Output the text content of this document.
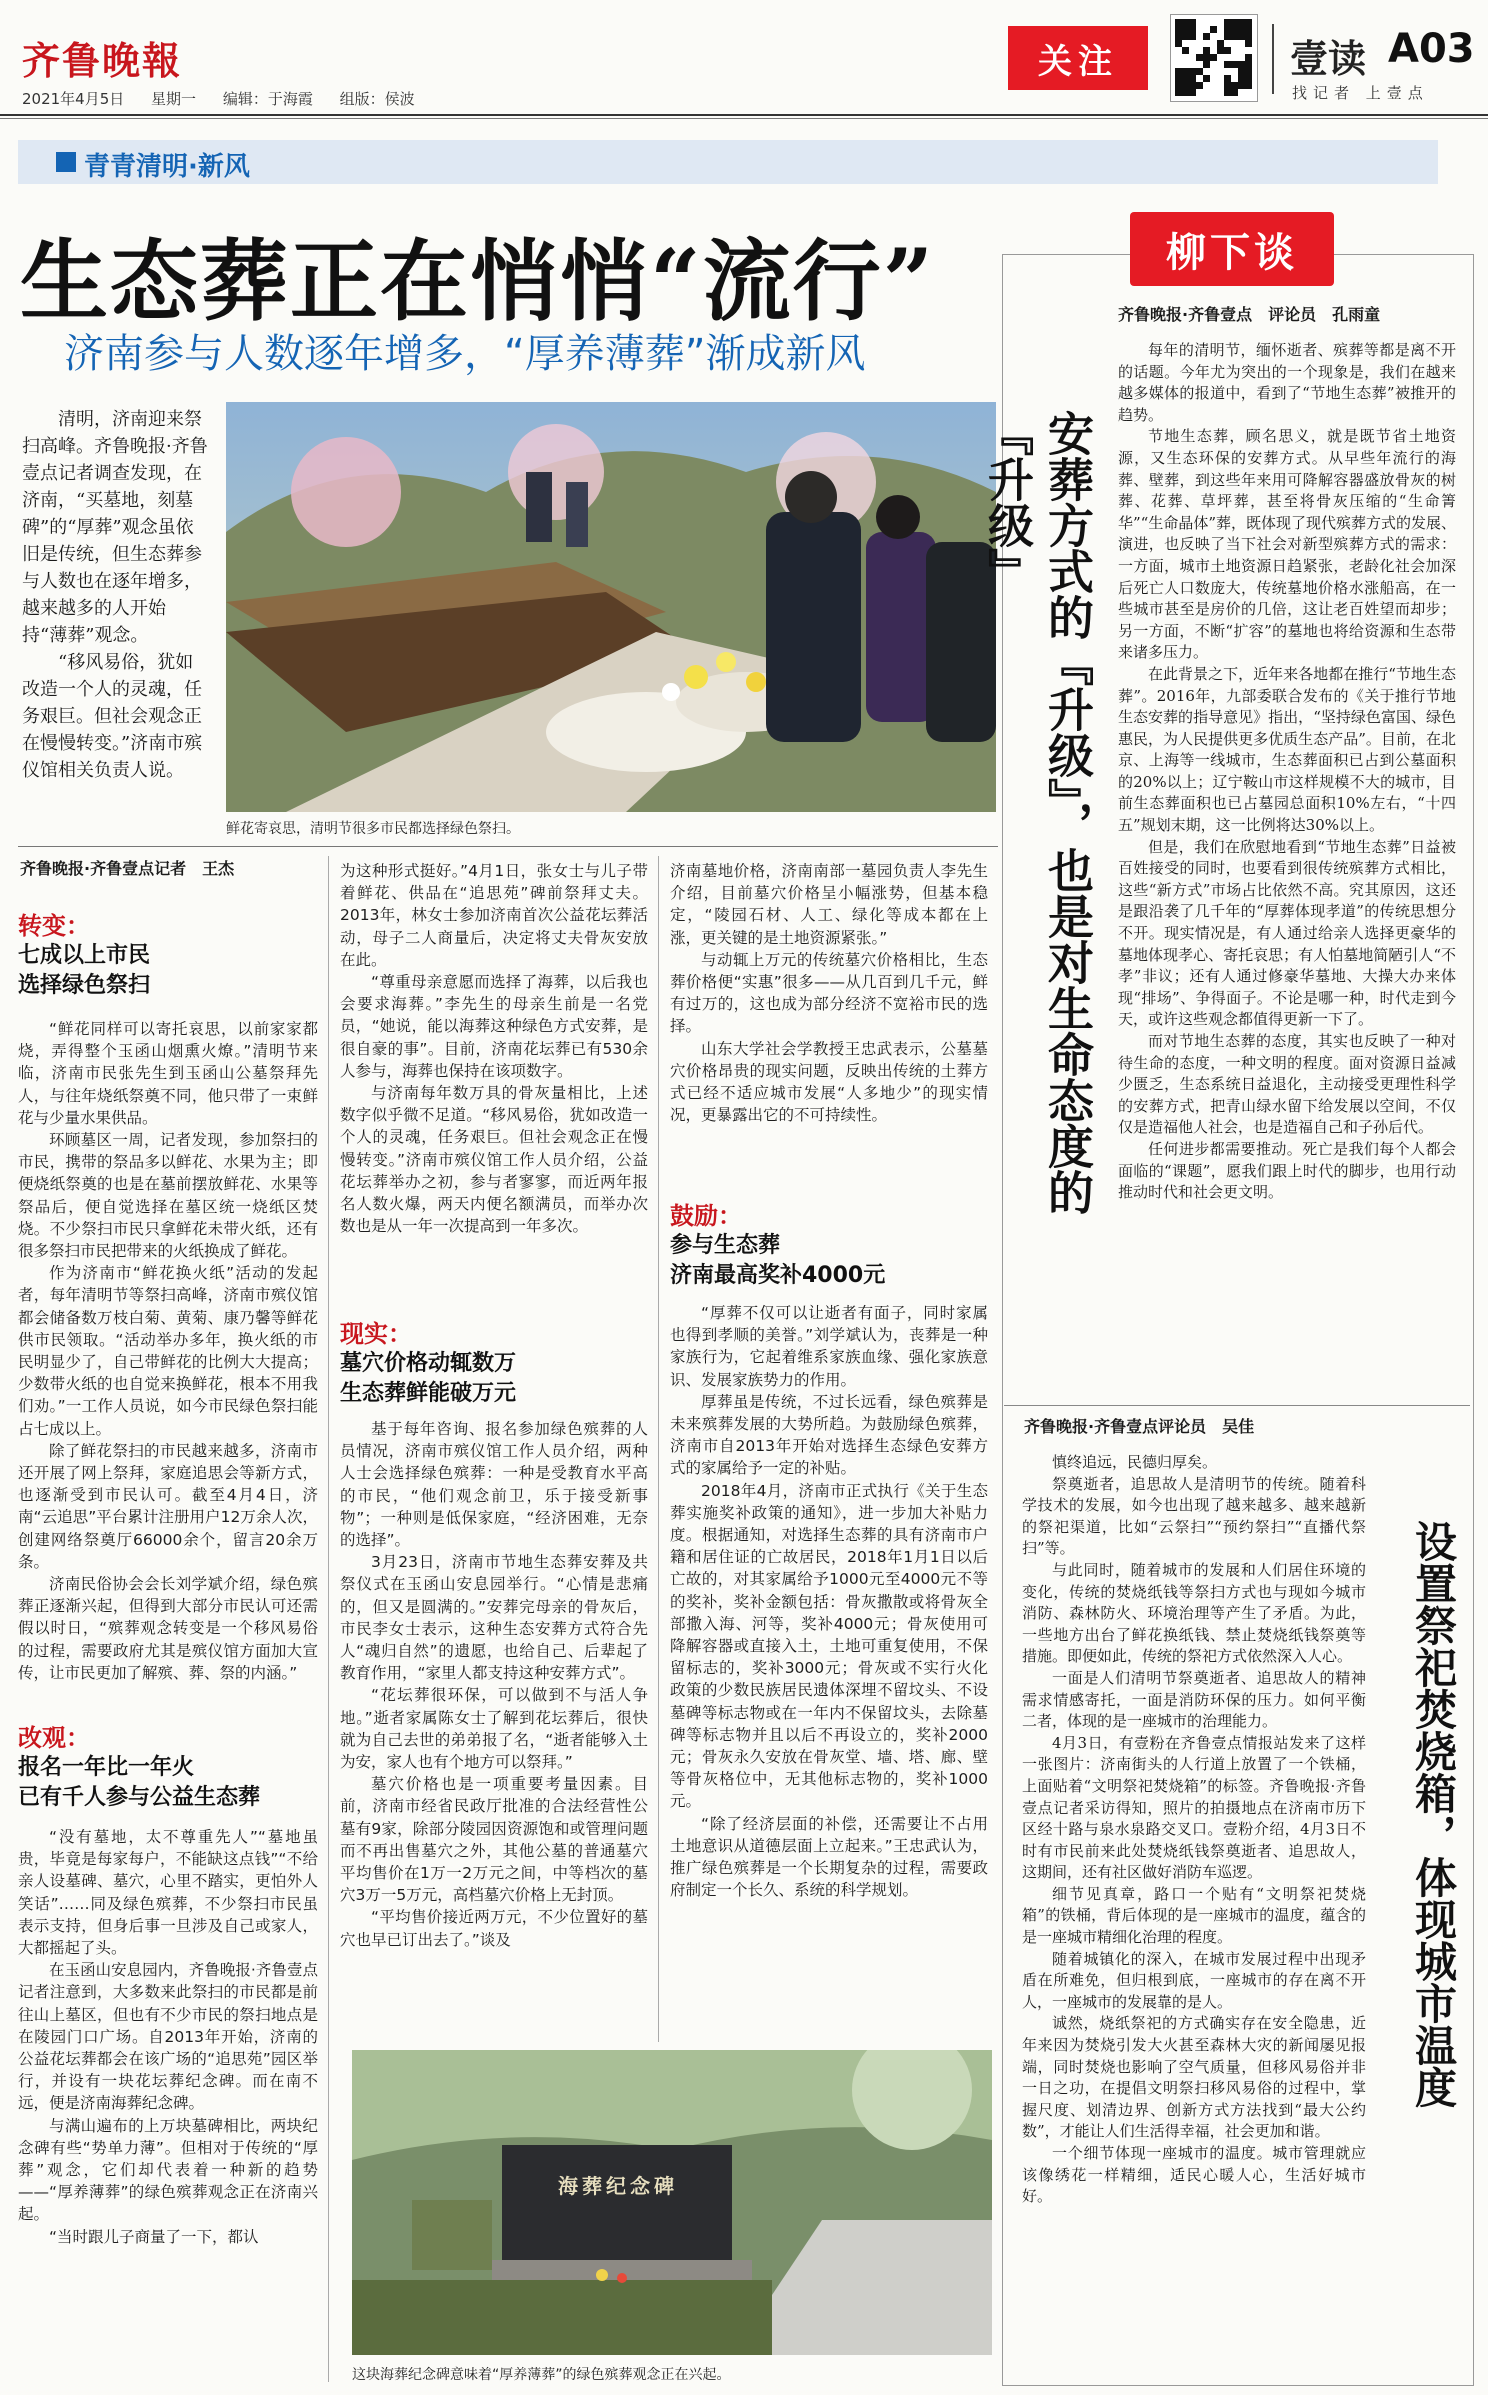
齐鲁晚報
2021年4月5日 星期一 编辑：于海霞 组版：侯波
关注	壹读 A03
找记者 上壹点
青青清明·新风
生态葬正在悄悄“流行”
济南参与人数逐年增多，“厚养薄葬”渐成新风

清明，济南迎来祭扫高峰。齐鲁晚报·齐鲁壹点记者调查发现，在济南，“买墓地，刻墓碑”的“厚葬”观念虽依旧是传统，但生态葬参与人数也在逐年增多，越来越多的人开始持“薄葬”观念。

“移风易俗，犹如改造一个人的灵魂，任务艰巨。但社会观念正在慢慢转变。”济南市殡仪馆相关负责人说。

鲜花寄哀思，清明节很多市民都选择绿色祭扫。
齐鲁晚报·齐鲁壹点记者　王杰
转变：
七成以上市民
选择绿色祭扫

“鲜花同样可以寄托哀思，以前家家都烧，弄得整个玉函山烟熏火燎。”清明节来临，济南市民张先生到玉函山公墓祭拜先人，与往年烧纸祭奠不同，他只带了一束鲜花与少量水果供品。

环顾墓区一周，记者发现，参加祭扫的市民，携带的祭品多以鲜花、水果为主；即便烧纸祭奠的也是在墓前摆放鲜花、水果等祭品后，便自觉选择在墓区统一烧纸区焚烧。不少祭扫市民只拿鲜花未带火纸，还有很多祭扫市民把带来的火纸换成了鲜花。

作为济南市“鲜花换火纸”活动的发起者，每年清明节等祭扫高峰，济南市殡仪馆都会储备数万枝白菊、黄菊、康乃馨等鲜花供市民领取。“活动举办多年，换火纸的市民明显少了，自己带鲜花的比例大大提高；少数带火纸的也自觉来换鲜花，根本不用我们劝。”一工作人员说，如今市民绿色祭扫能占七成以上。

除了鲜花祭扫的市民越来越多，济南市还开展了网上祭拜，家庭追思会等新方式，也逐渐受到市民认可。截至4月4日，济南“云追思”平台累计注册用户12万余人次，创建网络祭奠厅66000余个，留言20余万条。

济南民俗协会会长刘学斌介绍，绿色殡葬正逐渐兴起，但得到大部分市民认可还需假以时日，“殡葬观念转变是一个移风易俗的过程，需要政府尤其是殡仪馆方面加大宣传，让市民更加了解殡、葬、祭的内涵。”

改观：
报名一年比一年火
已有千人参与公益生态葬

“没有墓地，太不尊重先人”“墓地虽贵，毕竟是每家每户，不能缺这点钱”“不给亲人设墓碑、墓穴，心里不踏实，更怕外人笑话”……同及绿色殡葬，不少祭扫市民虽表示支持，但身后事一旦涉及自己或家人，大都摇起了头。

在玉函山安息园内，齐鲁晚报·齐鲁壹点记者注意到，大多数来此祭扫的市民都是前往山上墓区，但也有不少市民的祭扫地点是在陵园门口广场。自2013年开始，济南的公益花坛葬都会在该广场的“追思苑”园区举行，并设有一块花坛葬纪念碑。而在南不远，便是济南海葬纪念碑。

与满山遍布的上万块墓碑相比，两块纪念碑有些“势单力薄”。但相对于传统的“厚葬”观念，它们却代表着一种新的趋势——“厚养薄葬”的绿色殡葬观念正在济南兴起。

“当时跟儿子商量了一下，都认

为这种形式挺好。”4月1日，张女士与儿子带着鲜花、供品在“追思苑”碑前祭拜丈夫。2013年，林女士参加济南首次公益花坛葬活动，母子二人商量后，决定将丈夫骨灰安放在此。

“尊重母亲意愿而选择了海葬，以后我也会要求海葬。”李先生的母亲生前是一名党员，“她说，能以海葬这种绿色方式安葬，是很自豪的事”。目前，济南花坛葬已有530余人参与，海葬也保持在该项数字。

与济南每年数万具的骨灰量相比，上述数字似乎微不足道。“移风易俗，犹如改造一个人的灵魂，任务艰巨。但社会观念正在慢慢转变。”济南市殡仪馆工作人员介绍，公益花坛葬举办之初，参与者寥寥，而近两年报名人数火爆，两天内便名额满员，而举办次数也是从一年一次提高到一年多次。

现实：
墓穴价格动辄数万
生态葬鲜能破万元

基于每年咨询、报名参加绿色殡葬的人员情况，济南市殡仪馆工作人员介绍，两种人士会选择绿色殡葬：一种是受教育水平高的市民，“他们观念前卫，乐于接受新事物”；一种则是低保家庭，“经济困难，无奈的选择”。

3月23日，济南市节地生态葬安葬及共祭仪式在玉函山安息园举行。“心情是悲痛的，但又是圆满的。”安葬完母亲的骨灰后，市民李女士表示，这种生态安葬方式符合先人“魂归自然”的遗愿，也给自己、后辈起了教育作用，“家里人都支持这种安葬方式”。

“花坛葬很环保，可以做到不与活人争地。”逝者家属陈女士了解到花坛葬后，很快就为自己去世的弟弟报了名，“逝者能够入土为安，家人也有个地方可以祭拜。”

墓穴价格也是一项重要考量因素。目前，济南市经省民政厅批准的合法经营性公墓有9家，除部分陵园因资源饱和或管理问题而不再出售墓穴之外，其他公墓的普通墓穴平均售价在1万一2万元之间，中等档次的墓穴3万一5万元，高档墓穴价格上无封顶。

“平均售价接近两万元，不少位置好的墓穴也早已订出去了。”谈及

济南墓地价格，济南南部一墓园负责人李先生介绍，目前墓穴价格呈小幅涨势，但基本稳定，“陵园石材、人工、绿化等成本都在上涨，更关键的是土地资源紧张。”

与动辄上万元的传统墓穴价格相比，生态葬价格便“实惠”很多——从几百到几千元，鲜有过万的，这也成为部分经济不宽裕市民的选择。

山东大学社会学教授王忠武表示，公墓墓穴价格昂贵的现实问题，反映出传统的土葬方式已经不适应城市发展“人多地少”的现实情况，更暴露出它的不可持续性。

鼓励：
参与生态葬
济南最高奖补4000元

“厚葬不仅可以让逝者有面子，同时家属也得到孝顺的美誉。”刘学斌认为，丧葬是一种家族行为，它起着维系家族血缘、强化家族意识、发展家族势力的作用。

厚葬虽是传统，不过长远看，绿色殡葬是未来殡葬发展的大势所趋。为鼓励绿色殡葬，济南市自2013年开始对选择生态绿色安葬方式的家属给予一定的补贴。

2018年4月，济南市正式执行《关于生态葬实施奖补政策的通知》，进一步加大补贴力度。根据通知，对选择生态葬的具有济南市户籍和居住证的亡故居民，2018年1月1日以后亡故的，对其家属给予1000元至4000元不等的奖补，奖补金额包括：骨灰撒散或将骨灰全部撒入海、河等，奖补4000元；骨灰使用可降解容器或直接入土，土地可重复使用，不保留标志的，奖补3000元；骨灰或不实行火化政策的少数民族居民遗体深埋不留坟头、不设墓碑等标志物或在一年内不保留坟头，去除墓碑等标志物并且以后不再设立的，奖补2000元；骨灰永久安放在骨灰堂、墙、塔、廊、壁等骨灰格位中，无其他标志物的，奖补1000元。

“除了经济层面的补偿，还需要让不占用土地意识从道德层面上立起来。”王忠武认为，推广绿色殡葬是一个长期复杂的过程，需要政府制定一个长久、系统的科学规划。

海葬纪念碑
这块海葬纪念碑意味着“厚养薄葬”的绿色殡葬观念正在兴起。
柳下谈
齐鲁晚报·齐鲁壹点　评论员　孔雨童
安葬方式的『升级』，也是对生命态度的『升级』

每年的清明节，缅怀逝者、殡葬等都是离不开的话题。今年尤为突出的一个现象是，我们在越来越多媒体的报道中，看到了“节地生态葬”被推开的趋势。

节地生态葬，顾名思义，就是既节省土地资源，又生态环保的安葬方式。从早些年流行的海葬、壁葬，到这些年来用可降解容器盛放骨灰的树葬、花葬、草坪葬，甚至将骨灰压缩的“生命箐华”“生命晶体”葬，既体现了现代殡葬方式的发展、演进，也反映了当下社会对新型殡葬方式的需求：一方面，城市土地资源日趋紧张，老龄化社会加深后死亡人口数庞大，传统墓地价格水涨船高，在一些城市甚至是房价的几倍，这让老百姓望而却步；另一方面，不断“扩容”的墓地也将给资源和生态带来诸多压力。

在此背景之下，近年来各地都在推行“节地生态葬”。2016年，九部委联合发布的《关于推行节地生态安葬的指导意见》指出，“坚持绿色富国、绿色惠民，为人民提供更多优质生态产品”。目前，在北京、上海等一线城市，生态葬面积已占到公墓面积的20%以上；辽宁鞍山市这样规模不大的城市，目前生态葬面积也已占墓园总面积10%左右，“十四五”规划末期，这一比例将达30%以上。

但是，我们在欣慰地看到“节地生态葬”日益被百姓接受的同时，也要看到很传统殡葬方式相比，这些“新方式”市场占比依然不高。究其原因，这还是跟沿袭了几千年的“厚葬体现孝道”的传统思想分不开。现实情况是，有人通过给亲人选择更豪华的墓地体现孝心、寄托哀思；有人怕墓地简陋引人“不孝”非议；还有人通过修豪华墓地、大操大办来体现“排场”、争得面子。不论是哪一种，时代走到今天，或许这些观念都值得更新一下了。

而对节地生态葬的态度，其实也反映了一种对待生命的态度，一种文明的程度。面对资源日益减少匮乏，生态系统日益退化，主动接受更理性科学的安葬方式，把青山绿水留下给发展以空间，不仅仅是造福他人社会，也是造福自己和子孙后代。

任何进步都需要推动。死亡是我们每个人都会面临的“课题”，愿我们跟上时代的脚步，也用行动推动时代和社会更文明。

齐鲁晚报·齐鲁壹点评论员　吴佳

慎终追远，民德归厚矣。

祭奠逝者，追思故人是清明节的传统。随着科学技术的发展，如今也出现了越来越多、越来越新的祭祀渠道，比如“云祭扫”“预约祭扫”“直播代祭扫”等。

与此同时，随着城市的发展和人们居住环境的变化，传统的焚烧纸钱等祭扫方式也与现如今城市消防、森林防火、环境治理等产生了矛盾。为此，一些地方出台了鲜花换纸钱、禁止焚烧纸钱祭奠等措施。即便如此，传统的祭祀方式依然深入人心。

一面是人们清明节祭奠逝者、追思故人的精神需求情感寄托，一面是消防环保的压力。如何平衡二者，体现的是一座城市的治理能力。

4月3日，有壹粉在齐鲁壹点情报站发来了这样一张图片：济南街头的人行道上放置了一个铁桶，上面贴着“文明祭祀焚烧箱”的标签。齐鲁晚报·齐鲁壹点记者采访得知，照片的拍摄地点在济南市历下区经十路与泉水泉路交叉口。壹粉介绍，4月3日不时有市民前来此处焚烧纸钱祭奠逝者、追思故人，这期间，还有社区做好消防车巡逻。

细节见真章，路口一个贴有“文明祭祀焚烧箱”的铁桶，背后体现的是一座城市的温度，蕴含的是一座城市精细化治理的程度。

随着城镇化的深入，在城市发展过程中出现矛盾在所难免，但归根到底，一座城市的存在离不开人，一座城市的发展靠的是人。

诚然，烧纸祭祀的方式确实存在安全隐患，近年来因为焚烧引发大火甚至森林大灾的新闻屡见报端，同时焚烧也影响了空气质量，但移风易俗并非一日之功，在提倡文明祭扫移风易俗的过程中，掌握尺度、划清边界、创新方式方法找到“最大公约数”，才能让人们生活得幸福，社会更加和谐。

一个细节体现一座城市的温度。城市管理就应该像绣花一样精细，适民心暖人心，生活好城市好。

设置祭祀焚烧箱，体现城市温度
